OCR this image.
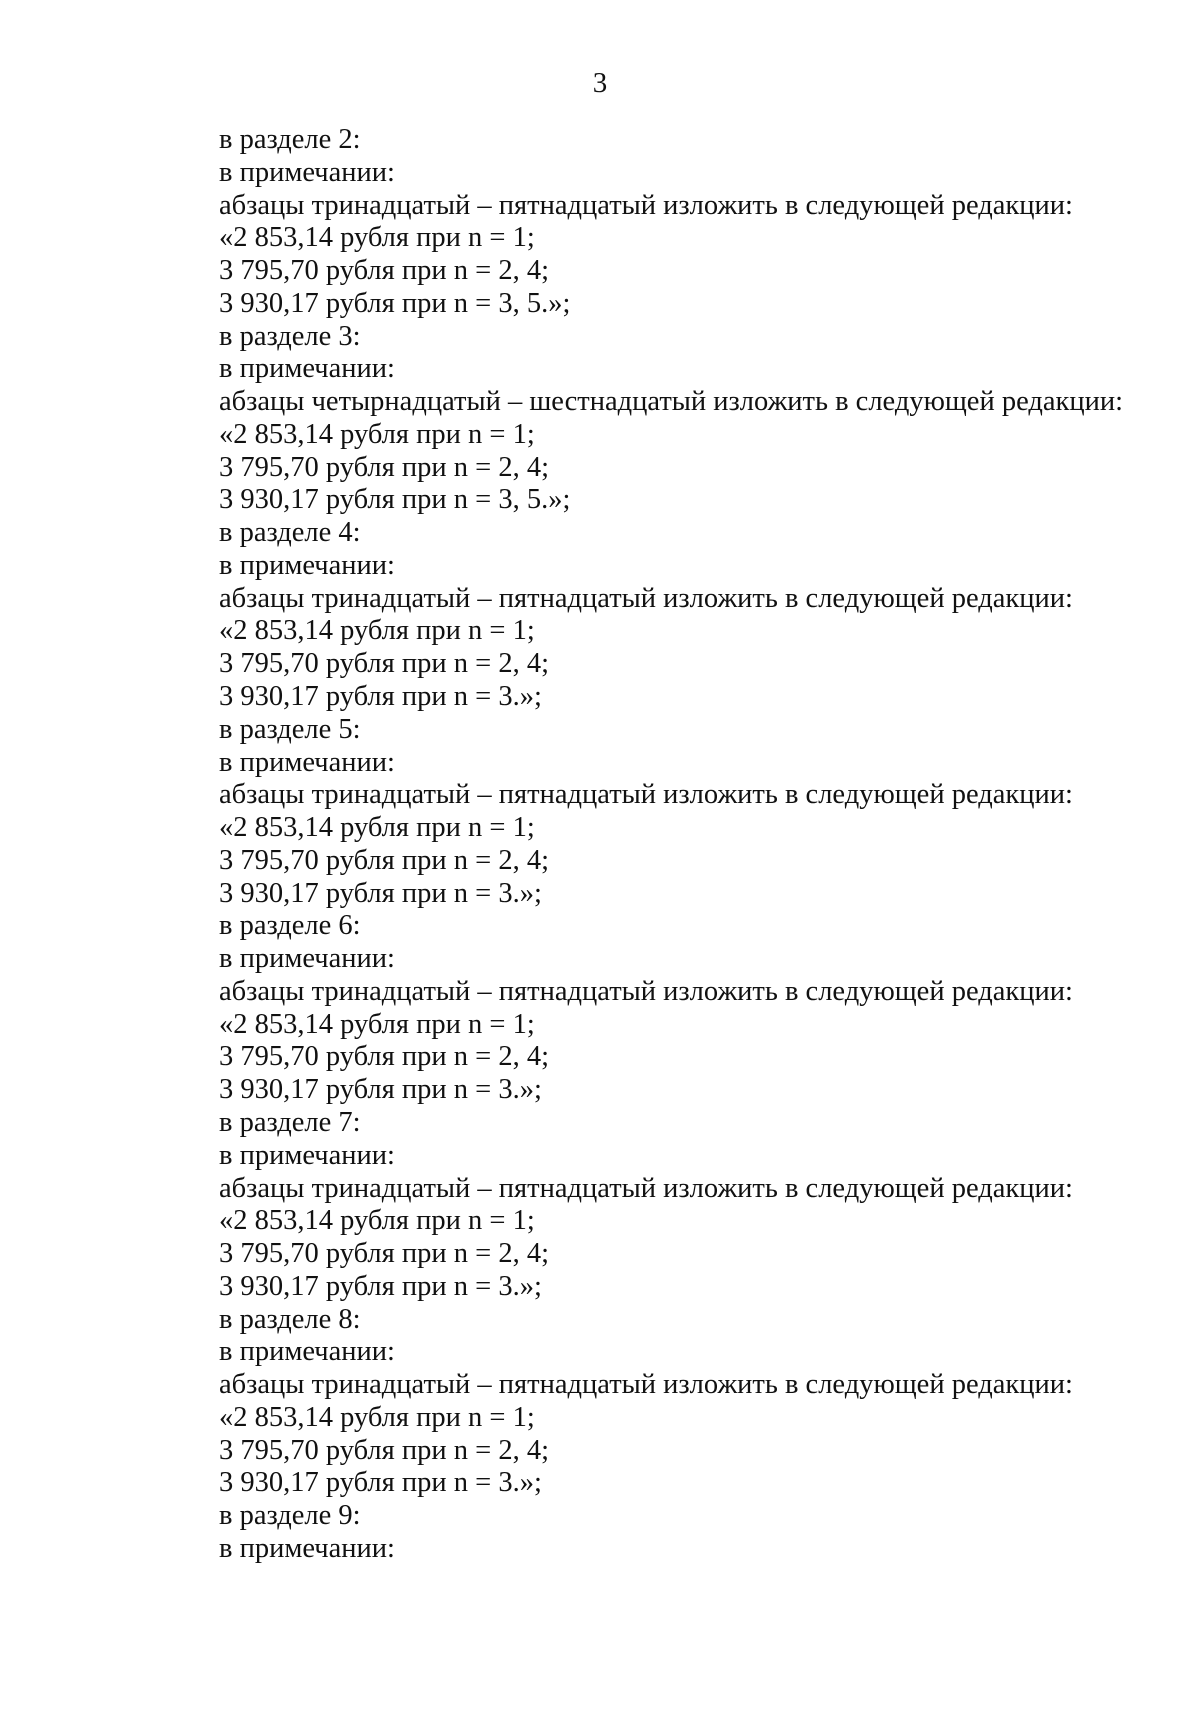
3
в разделе 2:
в примечании:
абзацы тринадцатый – пятнадцатый изложить в следующей редакции:
«2 853,14 рубля при n = 1;
3 795,70 рубля при n = 2, 4;
3 930,17 рубля при n = 3, 5.»;
в разделе 3:
в примечании:
абзацы четырнадцатый – шестнадцатый изложить в следующей редакции:
«2 853,14 рубля при n = 1;
3 795,70 рубля при n = 2, 4;
3 930,17 рубля при n = 3, 5.»;
в разделе 4:
в примечании:
абзацы тринадцатый – пятнадцатый изложить в следующей редакции:
«2 853,14 рубля при n = 1;
3 795,70 рубля при n = 2, 4;
3 930,17 рубля при n = 3.»;
в разделе 5:
в примечании:
абзацы тринадцатый – пятнадцатый изложить в следующей редакции:
«2 853,14 рубля при n = 1;
3 795,70 рубля при n = 2, 4;
3 930,17 рубля при n = 3.»;
в разделе 6:
в примечании:
абзацы тринадцатый – пятнадцатый изложить в следующей редакции:
«2 853,14 рубля при n = 1;
3 795,70 рубля при n = 2, 4;
3 930,17 рубля при n = 3.»;
в разделе 7:
в примечании:
абзацы тринадцатый – пятнадцатый изложить в следующей редакции:
«2 853,14 рубля при n = 1;
3 795,70 рубля при n = 2, 4;
3 930,17 рубля при n = 3.»;
в разделе 8:
в примечании:
абзацы тринадцатый – пятнадцатый изложить в следующей редакции:
«2 853,14 рубля при n = 1;
3 795,70 рубля при n = 2, 4;
3 930,17 рубля при n = 3.»;
в разделе 9:
в примечании:
